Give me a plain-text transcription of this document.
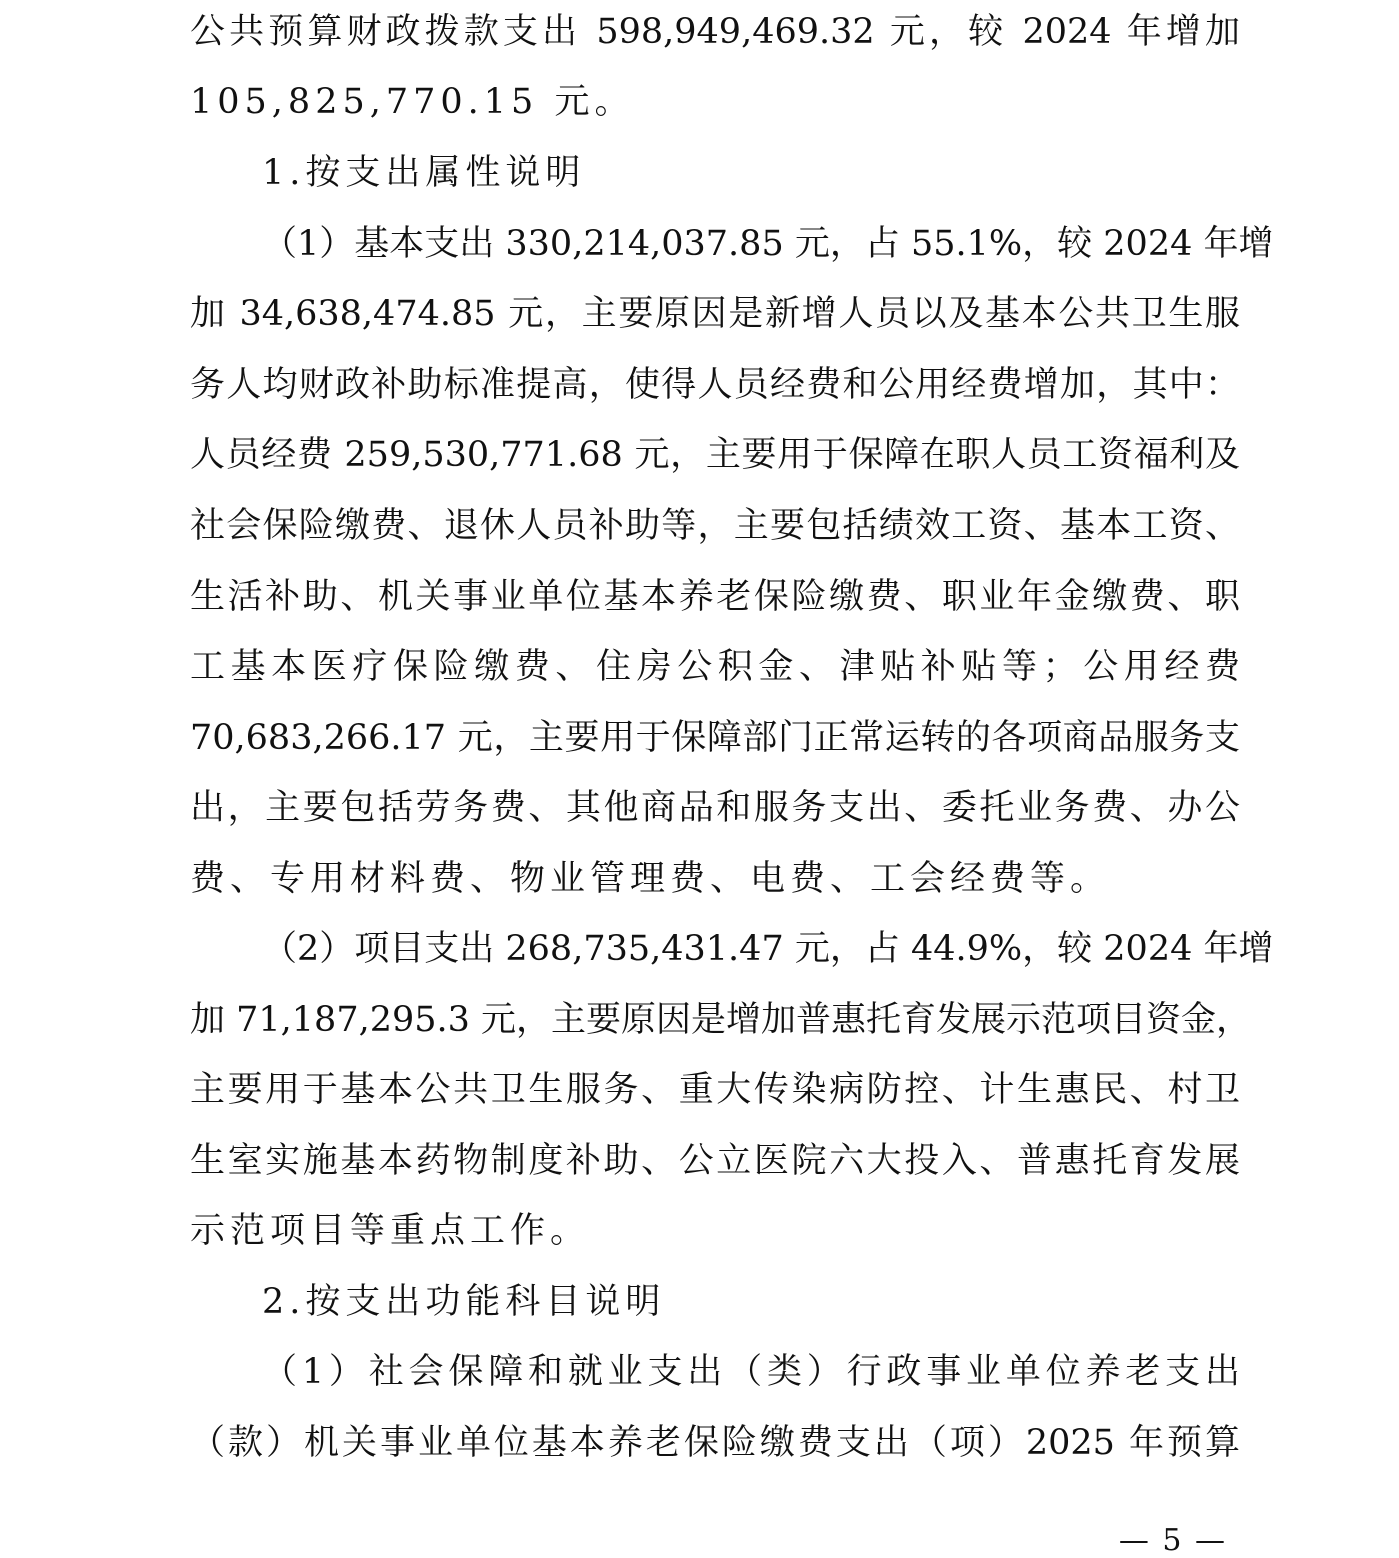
公共预算财政拨款支出 598,949,469.32 元，较 2024 年增加
105,825,770.15 元。
1.按支出属性说明
（1）基本支出 330,214,037.85 元，占 55.1%，较 2024 年增
加 34,638,474.85 元，主要原因是新增人员以及基本公共卫生服
务人均财政补助标准提高，使得人员经费和公用经费增加，其中：
人员经费 259,530,771.68 元，主要用于保障在职人员工资福利及
社会保险缴费、退休人员补助等，主要包括绩效工资、基本工资、
生活补助、机关事业单位基本养老保险缴费、职业年金缴费、职
工基本医疗保险缴费、住房公积金、津贴补贴等；公用经费
70,683,266.17 元，主要用于保障部门正常运转的各项商品服务支
出，主要包括劳务费、其他商品和服务支出、委托业务费、办公
费、专用材料费、物业管理费、电费、工会经费等。
（2）项目支出 268,735,431.47 元，占 44.9%，较 2024 年增
加 71,187,295.3 元，主要原因是增加普惠托育发展示范项目资金，
主要用于基本公共卫生服务、重大传染病防控、计生惠民、村卫
生室实施基本药物制度补助、公立医院六大投入、普惠托育发展
示范项目等重点工作。
2.按支出功能科目说明
（1）社会保障和就业支出（类）行政事业单位养老支出
（款）机关事业单位基本养老保险缴费支出（项）2025 年预算
— 5 —
